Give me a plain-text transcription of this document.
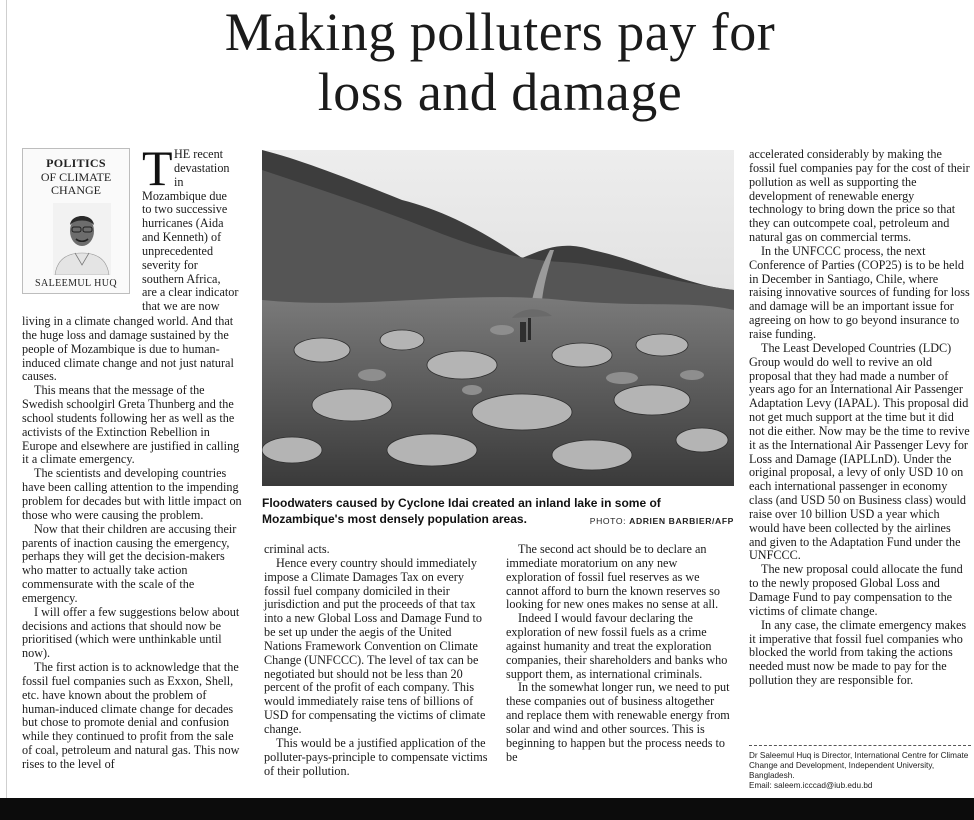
Making polluters pay for
loss and damage
POLITICS
OF CLIMATE
CHANGE
SALEEMUL HUQ
T HE recent
devastation
in
Mozambique due
to two successive
hurricanes (Aida
and Kenneth) of
unprecedented
severity for
southern Africa,
are a clear indicator
that we are now

living in a climate changed world. And that the huge loss and damage sustained by the people of Mozambique is due to human-induced climate change and not just natural causes.

This means that the message of the Swedish schoolgirl Greta Thunberg and the school students following her as well as the activists of the Extinction Rebellion in Europe and elsewhere are justified in calling it a climate emergency.

The scientists and developing countries have been calling attention to the impending problem for decades but with little impact on those who were causing the problem.

Now that their children are accusing their parents of inaction causing the emergency, perhaps they will get the decision-makers who matter to actually take action commensurate with the scale of the emergency.

I will offer a few suggestions below about decisions and actions that should now be prioritised (which were unthinkable until now).

The first action is to acknowledge that the fossil fuel companies such as Exxon, Shell, etc. have known about the problem of human-induced climate change for decades but chose to promote denial and confusion while they continued to profit from the sale of coal, petroleum and natural gas. This now rises to the level of

Floodwaters caused by Cyclone Idai created an inland lake in some of Mozambique's most densely population areas.	PHOTO: ADRIEN BARBIER/AFP

criminal acts.

Hence every country should immediately impose a Climate Damages Tax on every fossil fuel company domiciled in their jurisdiction and put the proceeds of that tax into a new Global Loss and Damage Fund to be set up under the aegis of the United Nations Framework Convention on Climate Change (UNFCCC). The level of tax can be negotiated but should not be less than 20 percent of the profit of each company. This would immediately raise tens of billions of USD for compensating the victims of climate change.

This would be a justified application of the polluter-pays-principle to compensate victims of their pollution.

The second act should be to declare an immediate moratorium on any new exploration of fossil fuel reserves as we cannot afford to burn the known reserves so looking for new ones makes no sense at all.

Indeed I would favour declaring the exploration of new fossil fuels as a crime against humanity and treat the exploration companies, their shareholders and banks who support them, as international criminals.

In the somewhat longer run, we need to put these companies out of business altogether and replace them with renewable energy from solar and wind and other sources. This is beginning to happen but the process needs to be

accelerated considerably by making the fossil fuel companies pay for the cost of their pollution as well as supporting the development of renewable energy technology to bring down the price so that they can outcompete coal, petroleum and natural gas on commercial terms.

In the UNFCCC process, the next Conference of Parties (COP25) is to be held in December in Santiago, Chile, where raising innovative sources of funding for loss and damage will be an important issue for agreeing on how to go beyond insurance to raise funding.

The Least Developed Countries (LDC) Group would do well to revive an old proposal that they had made a number of years ago for an International Air Passenger Adaptation Levy (IAPAL). This proposal did not get much support at the time but it did not die either. Now may be the time to revive it as the International Air Passenger Levy for Loss and Damage (IAPLLnD). Under the original proposal, a levy of only USD 10 on each international passenger in economy class (and USD 50 on Business class) would raise over 10 billion USD a year which would have been collected by the airlines and given to the Adaptation Fund under the UNFCCC.

The new proposal could allocate the fund to the newly proposed Global Loss and Damage Fund to pay compensation to the victims of climate change.

In any case, the climate emergency makes it imperative that fossil fuel companies who blocked the world from taking the actions needed must now be made to pay for the pollution they are responsible for.

Dr Saleemul Huq is Director, International Centre for Climate Change and Development, Independent University, Bangladesh.
Email: saleem.icccad@iub.edu.bd
